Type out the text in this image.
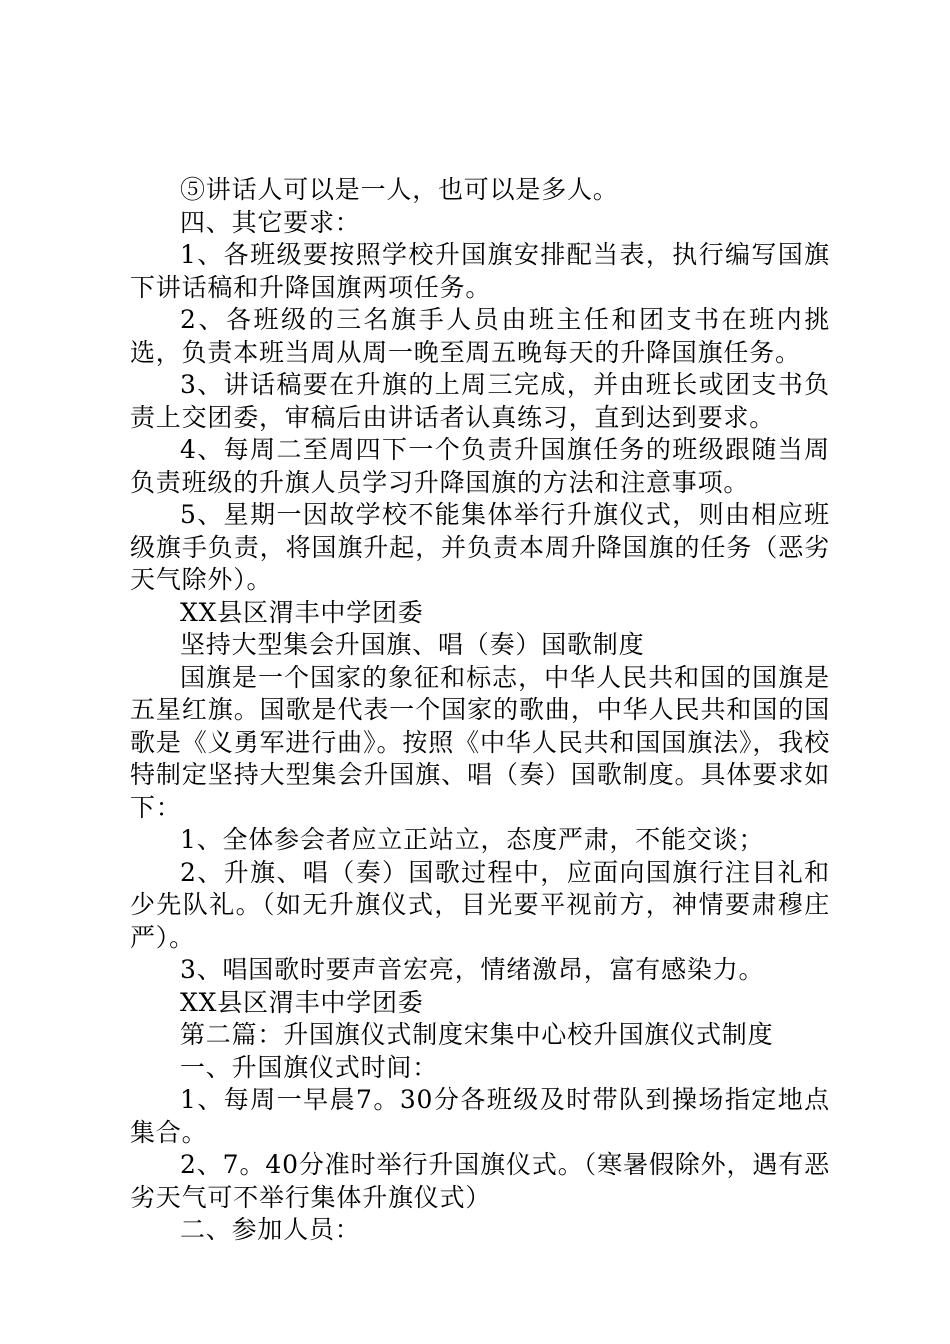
⑤讲话人可以是一人，也可以是多人。

四、其它要求：

1、各班级要按照学校升国旗安排配当表，执行编写国旗下讲话稿和升降国旗两项任务。

2、各班级的三名旗手人员由班主任和团支书在班内挑选，负责本班当周从周一晚至周五晚每天的升降国旗任务。

3、讲话稿要在升旗的上周三完成，并由班长或团支书负责上交团委，审稿后由讲话者认真练习，直到达到要求。

4、每周二至周四下一个负责升国旗任务的班级跟随当周负责班级的升旗人员学习升降国旗的方法和注意事项。

5、星期一因故学校不能集体举行升旗仪式，则由相应班级旗手负责，将国旗升起，并负责本周升降国旗的任务（恶劣天气除外）。

XX县区渭丰中学团委

坚持大型集会升国旗、唱（奏）国歌制度

国旗是一个国家的象征和标志，中华人民共和国的国旗是五星红旗。国歌是代表一个国家的歌曲，中华人民共和国的国歌是《义勇军进行曲》。按照《中华人民共和国国旗法》，我校特制定坚持大型集会升国旗、唱（奏）国歌制度。具体要求如下：

1、全体参会者应立正站立，态度严肃，不能交谈；

2、升旗、唱（奏）国歌过程中，应面向国旗行注目礼和少先队礼。（如无升旗仪式，目光要平视前方，神情要肃穆庄严）。

3、唱国歌时要声音宏亮，情绪激昂，富有感染力。

XX县区渭丰中学团委

第二篇：升国旗仪式制度宋集中心校升国旗仪式制度

一、升国旗仪式时间：

1、每周一早晨7。30分各班级及时带队到操场指定地点集合。

2、7。40分准时举行升国旗仪式。（寒暑假除外，遇有恶劣天气可不举行集体升旗仪式）

二、参加人员：
